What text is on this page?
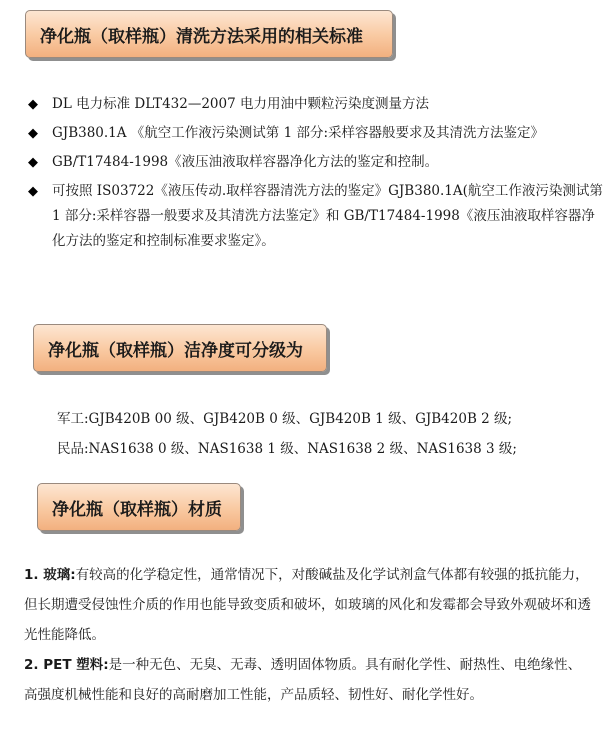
净化瓶（取样瓶）清洗方法采用的相关标准
◆ DL 电力标准 DLT432—2007 电力用油中颗粒污染度测量方法
◆ GJB380.1A 《航空工作液污染测试第 1 部分:采样容器般要求及其清洗方法鉴定》
◆ GB/T17484-1998《液压油液取样容器净化方法的鉴定和控制。
◆ 可按照 IS03722《液压传动.取样容器清洗方法的鉴定》GJB380.1A(航空工作液污染测试第 1 部分:采样容器一般要求及其清洗方法鉴定》和 GB/T17484-1998《液压油液取样容器净化方法的鉴定和控制标准要求鉴定》。
净化瓶（取样瓶）洁净度可分级为
军工:GJB420B 00 级、GJB420B 0 级、GJB420B 1 级、GJB420B 2 级;
民品:NAS1638 0 级、NAS1638 1 级、NAS1638 2 级、NAS1638 3 级;
净化瓶（取样瓶）材质
1. 玻璃:有较高的化学稳定性，通常情况下，对酸碱盐及化学试剂盒气体都有较强的抵抗能力，但长期遭受侵蚀性介质的作用也能导致变质和破坏，如玻璃的风化和发霉都会导致外观破坏和透光性能降低。
2. PET 塑料:是一种无色、无臭、无毒、透明固体物质。具有耐化学性、耐热性、电绝缘性、高强度机械性能和良好的高耐磨加工性能，产品质轻、韧性好、耐化学性好。
